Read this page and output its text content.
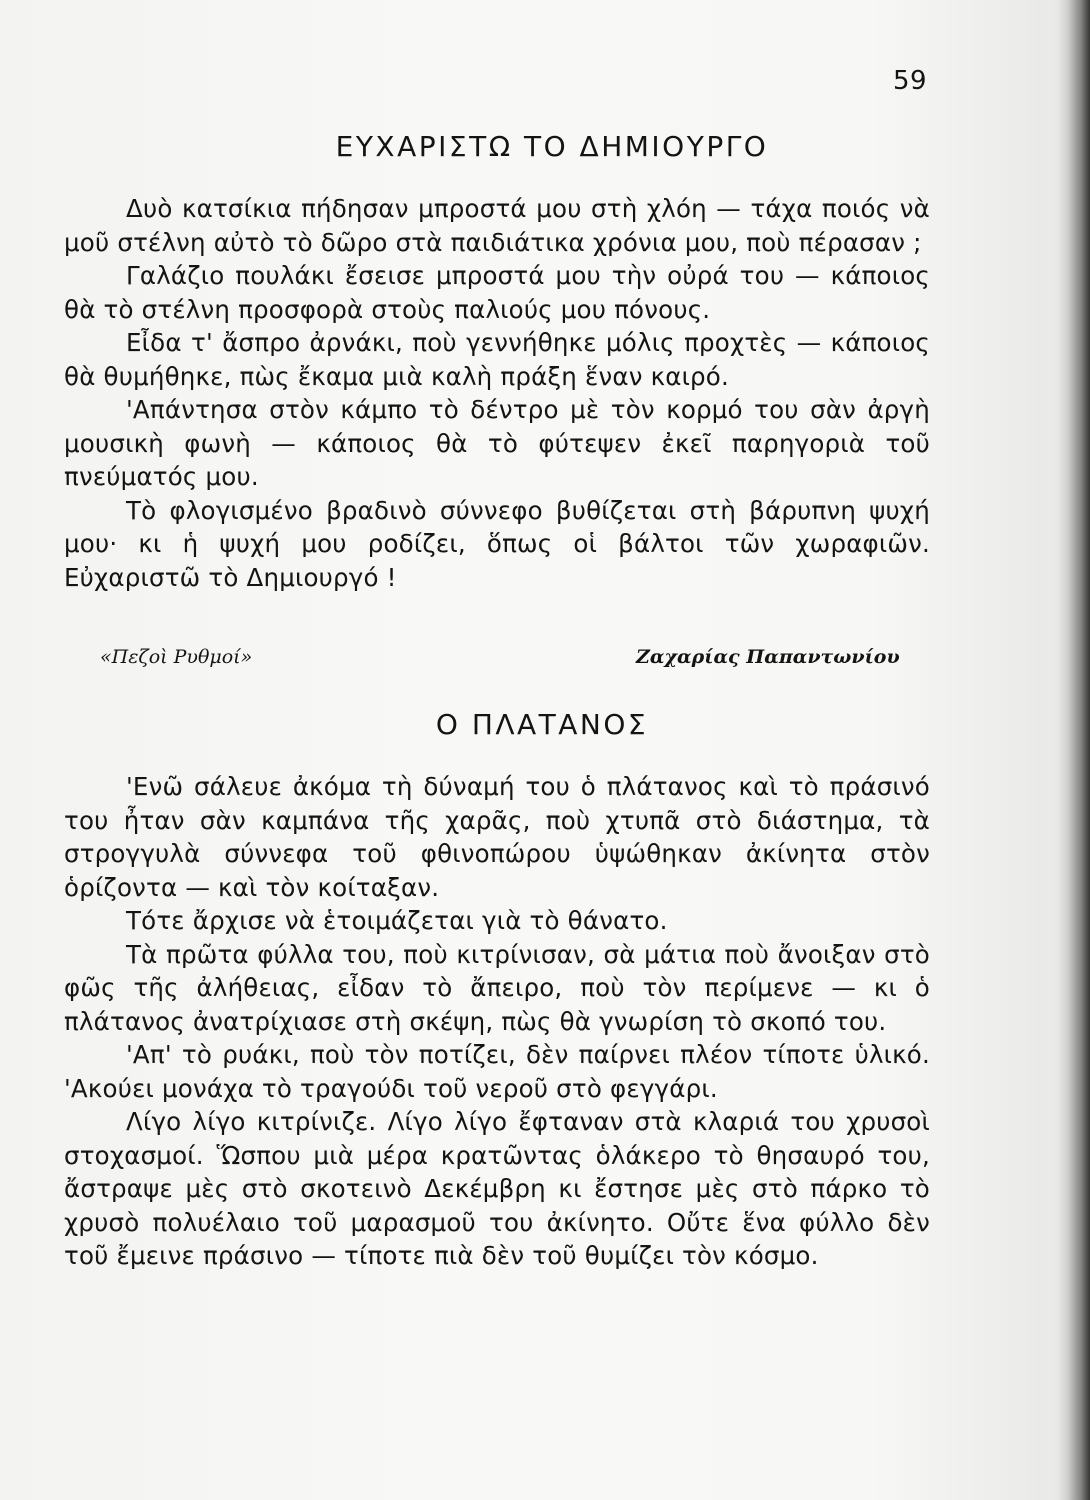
59
ΕΥΧΑΡΙΣΤΩ ΤΟ ΔΗΜΙΟΥΡΓΟ

Δυὸ κατσίκια πήδησαν μπροστά μου στὴ χλόη — τάχα ποιός νὰ μοῦ στέλνη αὐτὸ τὸ δῶρο στὰ παιδιάτικα χρόνια μου, ποὺ πέρασαν ;

Γαλάζιο πουλάκι ἔσεισε μπροστά μου τὴν οὐρά του — κάποιος θὰ τὸ στέλνη προσφορὰ στοὺς παλιούς μου πόνους.

Εἶδα τ' ἄσπρο ἀρνάκι, ποὺ γεννήθηκε μόλις προχτὲς — κάποιος θὰ θυμήθηκε, πὼς ἔκαμα μιὰ καλὴ πράξη ἕναν καιρό.

'Απάντησα στὸν κάμπο τὸ δέντρο μὲ τὸν κορμό του σὰν ἀργὴ μουσικὴ φωνὴ — κάποιος θὰ τὸ φύτεψεν ἐκεῖ παρηγοριὰ τοῦ πνεύματός μου.

Τὸ φλογισμένο βραδινὸ σύννεφο βυθίζεται στὴ βάρυπνη ψυχή μου· κι ἡ ψυχή μου ροδίζει, ὅπως οἱ βάλτοι τῶν χωραφιῶν. Εὐχαριστῶ τὸ Δημιουργό !

«Πεζοὶ Ρυθμοί»	Ζαχαρίας Παπαντωνίου
Ο ΠΛΑΤΑΝΟΣ

'Ενῶ σάλευε ἀκόμα τὴ δύναμή του ὁ πλάτανος καὶ τὸ πράσινό του ἦταν σὰν καμπάνα τῆς χαρᾶς, ποὺ χτυπᾶ στὸ διάστημα, τὰ στρογγυλὰ σύννεφα τοῦ φθινοπώρου ὑψώθηκαν ἀκίνητα στὸν ὁρίζοντα — καὶ τὸν κοίταξαν.

Τότε ἄρχισε νὰ ἑτοιμάζεται γιὰ τὸ θάνατο.

Τὰ πρῶτα φύλλα του, ποὺ κιτρίνισαν, σὰ μάτια ποὺ ἄνοιξαν στὸ φῶς τῆς ἀλήθειας, εἶδαν τὸ ἄπειρο, ποὺ τὸν περίμενε — κι ὁ πλάτανος ἀνατρίχιασε στὴ σκέψη, πὼς θὰ γνωρίση τὸ σκοπό του.

'Απ' τὸ ρυάκι, ποὺ τὸν ποτίζει, δὲν παίρνει πλέον τίποτε ὑλικό. 'Ακούει μονάχα τὸ τραγούδι τοῦ νεροῦ στὸ φεγγάρι.

Λίγο λίγο κιτρίνιζε. Λίγο λίγο ἔφταναν στὰ κλαριά του χρυσοὶ στοχασμοί. Ὥσπου μιὰ μέρα κρατῶντας ὁλάκερο τὸ θησαυρό του, ἄστραψε μὲς στὸ σκοτεινὸ Δεκέμβρη κι ἔστησε μὲς στὸ πάρκο τὸ χρυσὸ πολυέλαιο τοῦ μαρασμοῦ του ἀκίνητο. Οὔτε ἕνα φύλλο δὲν τοῦ ἔμεινε πράσινο — τίποτε πιὰ δὲν τοῦ θυμίζει τὸν κόσμο.
